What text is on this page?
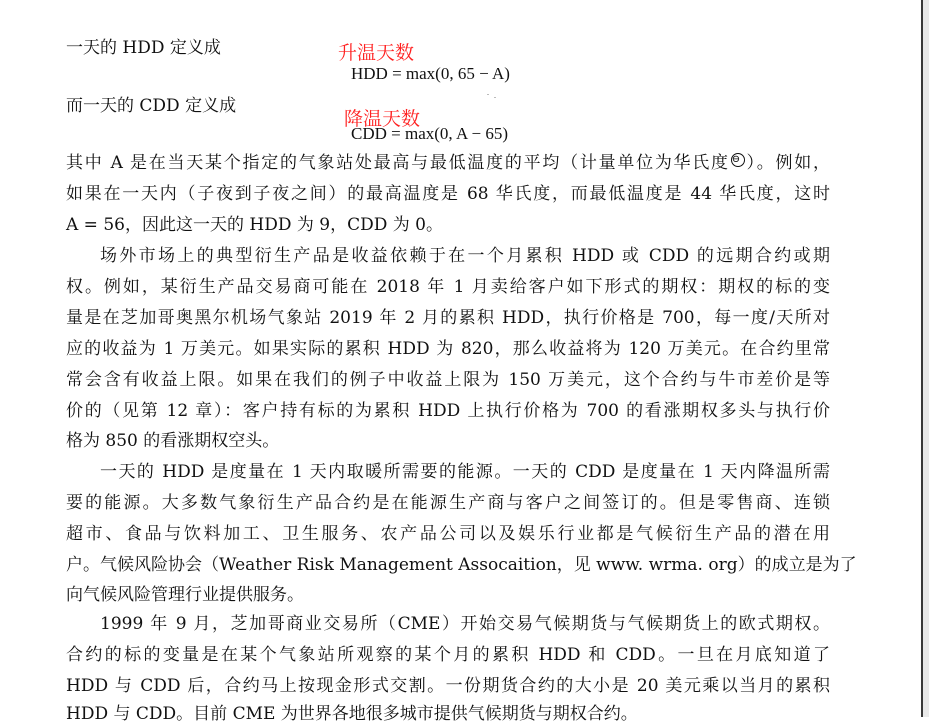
一天的 HDD 定义成	升温天数
HDD = max(0, 65 − A)
而一天的 CDD 定义成
CDD = max(0, A − 65)
降温天数
其中 A 是在当天某个指定的气象站处最高与最低温度的平均（计量单位为华氏度 ⊖ ）。例如，
如果在一天内（子夜到子夜之间）的最高温度是 68 华氏度，而最低温度是 44 华氏度，这时
A = 56，因此这一天的 HDD 为 9，CDD 为 0。
场外市场上的典型衍生产品是收益依赖于在一个月累积 HDD 或 CDD 的远期合约或期
权。例如，某衍生产品交易商可能在 2018 年 1 月卖给客户如下形式的期权：期权的标的变
量是在芝加哥奥黑尔机场气象站 2019 年 2 月的累积 HDD，执行价格是 700，每一度/天所对
应的收益为 1 万美元。如果实际的累积 HDD 为 820，那么收益将为 120 万美元。在合约里常
常会含有收益上限。如果在我们的例子中收益上限为 150 万美元，这个合约与牛市差价是等
价的（见第 12 章）：客户持有标的为累积 HDD 上执行价格为 700 的看涨期权多头与执行价
格为 850 的看涨期权空头。
一天的 HDD 是度量在 1 天内取暖所需要的能源。一天的 CDD 是度量在 1 天内降温所需
要的能源。大多数气象衍生产品合约是在能源生产商与客户之间签订的。但是零售商、连锁
超市、食品与饮料加工、卫生服务、农产品公司以及娱乐行业都是气候衍生产品的潜在用
户。气候风险协会（Weather Risk Management Assocaition，见 www. wrma. org）的成立是为了
向气候风险管理行业提供服务。
1999 年 9 月，芝加哥商业交易所（CME）开始交易气候期货与气候期货上的欧式期权。
合约的标的变量是在某个气象站所观察的某个月的累积 HDD 和 CDD。一旦在月底知道了
HDD 与 CDD 后，合约马上按现金形式交割。一份期货合约的大小是 20 美元乘以当月的累积
HDD 与 CDD。目前 CME 为世界各地很多城市提供气候期货与期权合约。
